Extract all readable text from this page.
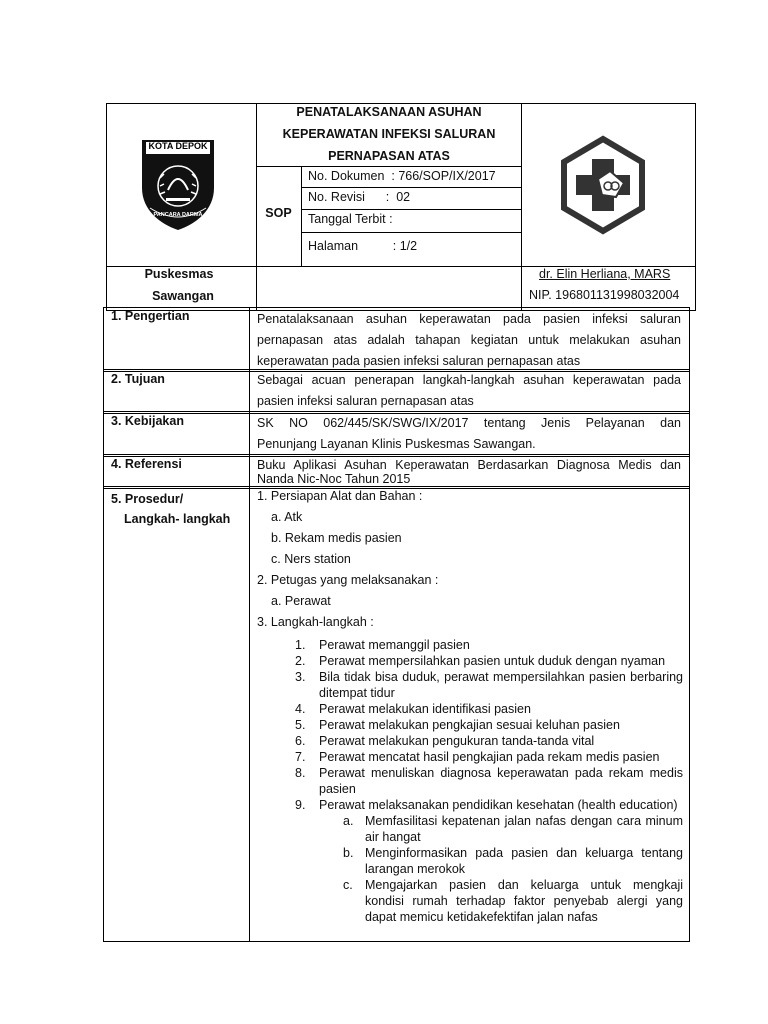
KOTA DEPOK
PANCARA DARMA
PENATALAKSANAAN ASUHAN
KEPERAWATAN INFEKSI SALURAN
PERNAPASAN ATAS
SOP
No. Dokumen  : 766/SOP/IX/2017
No. Revisi      :  02
Tanggal Terbit :
Halaman          : 1/2
Puskesmas
Sawangan
dr. Elin Herliana, MARS
NIP. 196801131998032004
1. Pengertian	Penatalaksanaan asuhan keperawatan pada pasien infeksi saluran
pernapasan atas adalah tahapan kegiatan untuk melakukan asuhan
keperawatan pada pasien infeksi saluran pernapasan atas
2. Tujuan	Sebagai acuan penerapan langkah-langkah asuhan keperawatan pada
pasien infeksi saluran pernapasan atas
3. Kebijakan	SK NO 062/445/SK/SWG/IX/2017 tentang Jenis Pelayanan dan
Penunjang Layanan Klinis Puskesmas Sawangan.
4. Referensi	Buku Aplikasi Asuhan Keperawatan Berdasarkan Diagnosa Medis dan
Nanda Nic-Noc Tahun 2015
5. Prosedur/
Langkah- langkah
1. Persiapan Alat dan Bahan :
a. Atk
b. Rekam medis pasien
c. Ners station
2. Petugas yang melaksanakan :
a. Perawat
3. Langkah-langkah :
1. Perawat memanggil pasien
2. Perawat mempersilahkan pasien untuk duduk dengan nyaman
3. Bila tidak bisa duduk, perawat mempersilahkan pasien berbaring ditempat tidur
4. Perawat melakukan identifikasi pasien
5. Perawat melakukan pengkajian sesuai keluhan pasien
6. Perawat melakukan pengukuran tanda-tanda vital
7. Perawat mencatat hasil pengkajian pada rekam medis pasien
8. Perawat menuliskan diagnosa keperawatan pada rekam medis pasien
9. Perawat melaksanakan pendidikan kesehatan (health education)
a. Memfasilitasi kepatenan jalan nafas dengan cara minum air hangat
b. Menginformasikan pada pasien dan keluarga tentang larangan merokok
c. Mengajarkan pasien dan keluarga untuk mengkaji kondisi rumah terhadap faktor penyebab alergi yang dapat memicu ketidakefektifan jalan nafas
